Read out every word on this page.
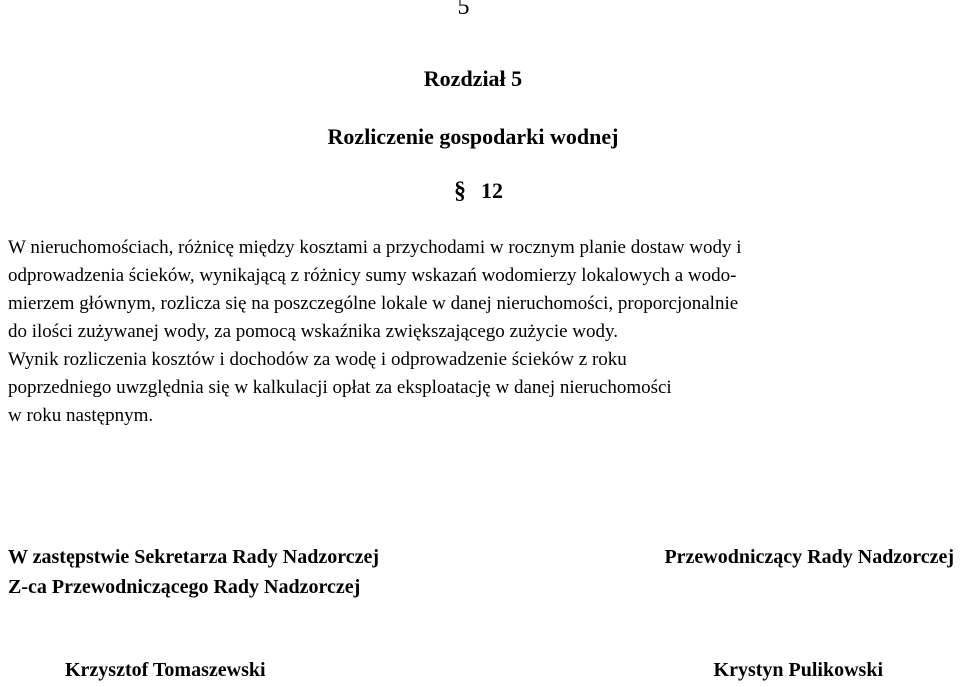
5
Rozdział 5
Rozliczenie gospodarki wodnej
§ 12
W nieruchomościach, różnicę między kosztami a przychodami w rocznym planie dostaw wody i
odprowadzenia ścieków, wynikającą z różnicy sumy wskazań wodomierzy lokalowych a wodo-
mierzem głównym, rozlicza się na poszczególne lokale w danej nieruchomości, proporcjonalnie
do ilości zużywanej wody, za pomocą wskaźnika zwiększającego zużycie wody.
Wynik rozliczenia kosztów i dochodów za wodę i odprowadzenie ścieków z roku
poprzedniego uwzględnia się w kalkulacji opłat za eksploatację w danej nieruchomości
w roku następnym.
W zastępstwie Sekretarza Rady Nadzorczej
Z-ca Przewodniczącego Rady Nadzorczej
Krzysztof Tomaszewski
Przewodniczący Rady Nadzorczej
Krystyn Pulikowski
